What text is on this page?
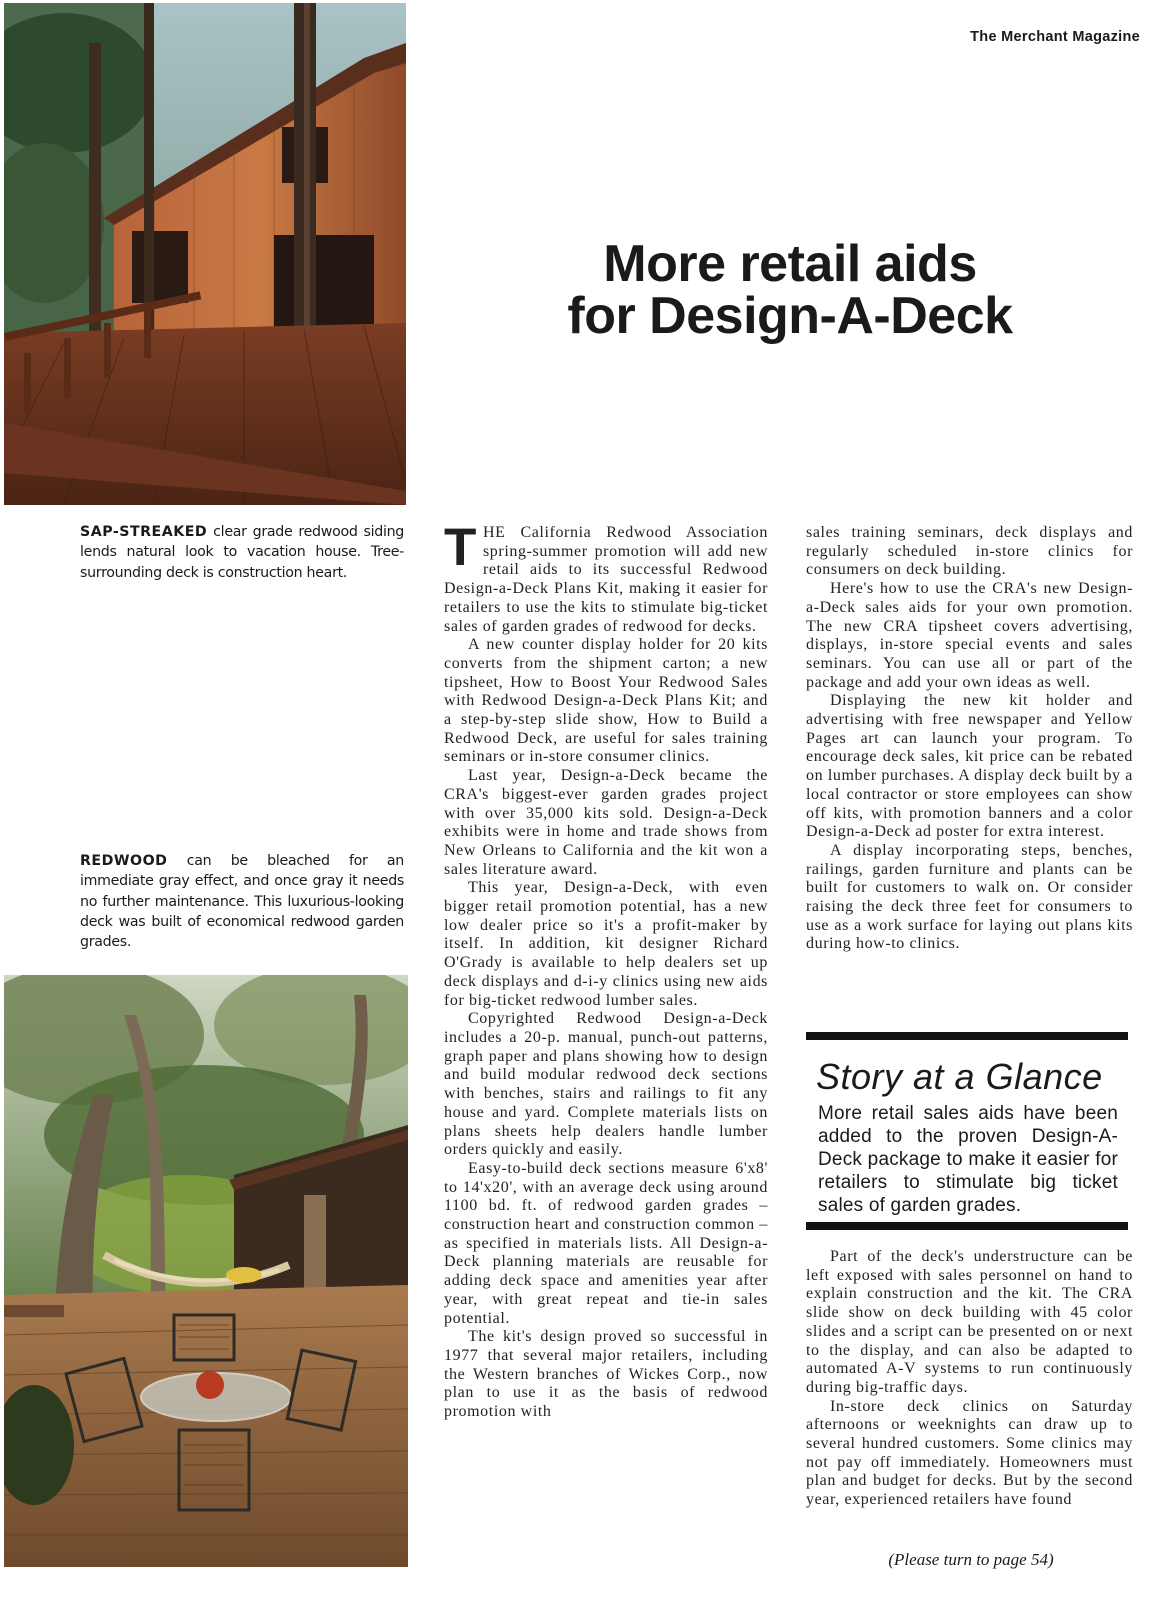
The Merchant Magazine
More retail aids
for Design-A-Deck
SAP-STREAKED clear grade redwood siding lends natural look to vacation house. Tree-surrounding deck is construction heart.
REDWOOD can be bleached for an immediate gray effect, and once gray it needs no further maintenance. This luxurious-looking deck was built of economical redwood garden grades.

THE California Redwood Association spring-summer promotion will add new retail aids to its successful Redwood Design-a-Deck Plans Kit, making it easier for retailers to use the kits to stimulate big-ticket sales of garden grades of redwood for decks.

A new counter display holder for 20 kits converts from the shipment carton; a new tipsheet, How to Boost Your Redwood Sales with Redwood Design-a-Deck Plans Kit; and a step-by-step slide show, How to Build a Redwood Deck, are useful for sales training seminars or in-store consumer clinics.

Last year, Design-a-Deck became the CRA's biggest-ever garden grades project with over 35,000 kits sold. Design-a-Deck exhibits were in home and trade shows from New Orleans to California and the kit won a sales literature award.

This year, Design-a-Deck, with even bigger retail promotion potential, has a new low dealer price so it's a profit-maker by itself. In addition, kit designer Richard O'Grady is available to help dealers set up deck displays and d-i-y clinics using new aids for big-ticket redwood lumber sales.

Copyrighted Redwood Design-a-Deck includes a 20-p. manual, punch-out patterns, graph paper and plans showing how to design and build modular redwood deck sections with benches, stairs and railings to fit any house and yard. Complete materials lists on plans sheets help dealers handle lumber orders quickly and easily.

Easy-to-build deck sections measure 6'x8' to 14'x20', with an average deck using around 1100 bd. ft. of redwood garden grades – construction heart and construction common – as specified in materials lists. All Design-a-Deck planning materials are reusable for adding deck space and amenities year after year, with great repeat and tie-in sales potential.

The kit's design proved so successful in 1977 that several major retailers, including the Western branches of Wickes Corp., now plan to use it as the basis of redwood promotion with

sales training seminars, deck displays and regularly scheduled in-store clinics for consumers on deck building.

Here's how to use the CRA's new Design-a-Deck sales aids for your own promotion. The new CRA tipsheet covers advertising, displays, in-store special events and sales seminars. You can use all or part of the package and add your own ideas as well.

Displaying the new kit holder and advertising with free newspaper and Yellow Pages art can launch your program. To encourage deck sales, kit price can be rebated on lumber purchases. A display deck built by a local contractor or store employees can show off kits, with promotion banners and a color Design-a-Deck ad poster for extra interest.

A display incorporating steps, benches, railings, garden furniture and plants can be built for customers to walk on. Or consider raising the deck three feet for consumers to use as a work surface for laying out plans kits during how-to clinics.

Story at a Glance
More retail sales aids have been added to the proven Design-A-Deck package to make it easier for retailers to stimulate big ticket sales of garden grades.

Part of the deck's understructure can be left exposed with sales personnel on hand to explain construction and the kit. The CRA slide show on deck building with 45 color slides and a script can be presented on or next to the display, and can also be adapted to automated A-V systems to run continuously during big-traffic days.

In-store deck clinics on Saturday afternoons or weeknights can draw up to several hundred customers. Some clinics may not pay off immediately. Homeowners must plan and budget for decks. But by the second year, experienced retailers have found

(Please turn to page 54)
